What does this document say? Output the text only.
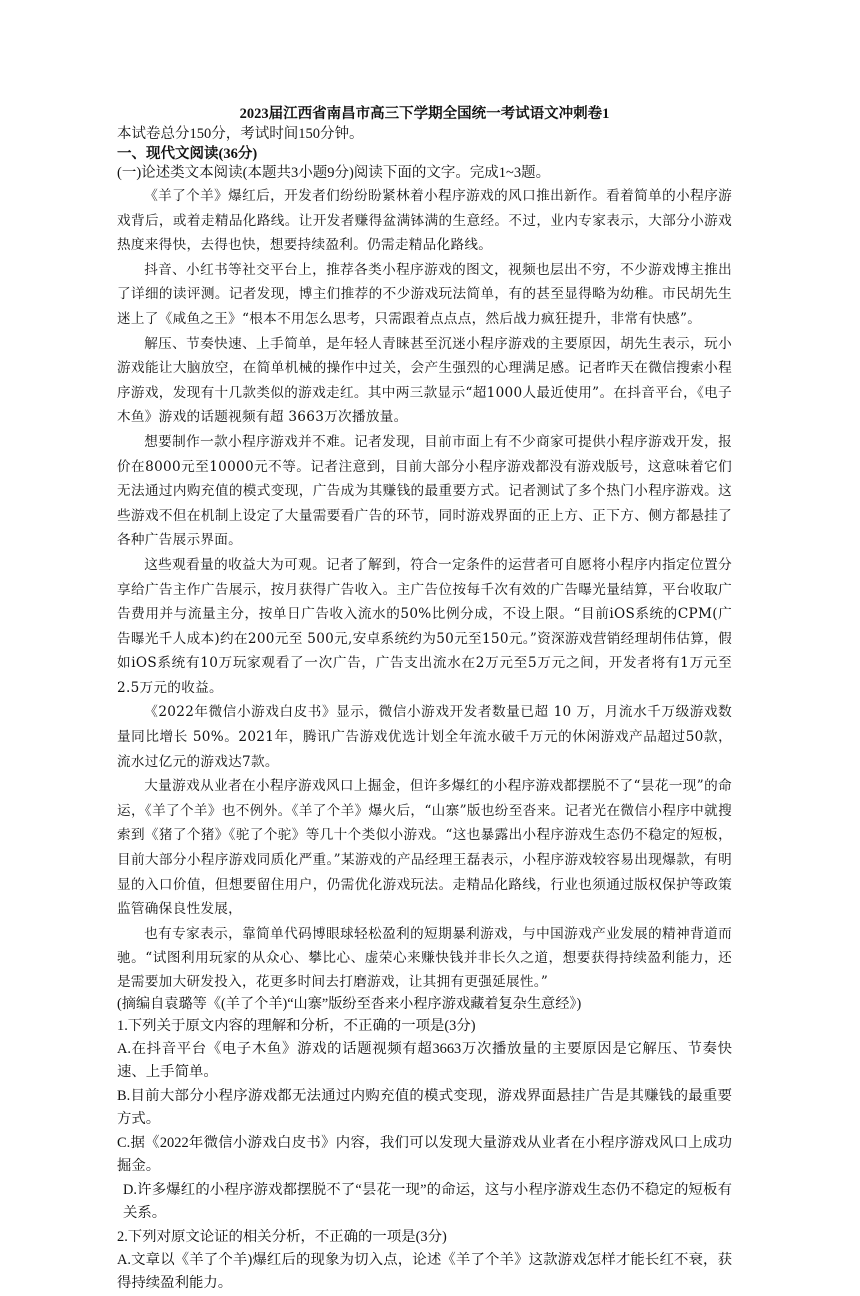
2023届江西省南昌市高三下学期全国统一考试语文冲刺卷1

本试卷总分150分，考试时间150分钟。

一、现代文阅读(36分)

(一)论述类文本阅读(本题共3小题9分)阅读下面的文字。完成1~3题。

《羊了个羊》爆红后，开发者们纷纷盼紧林着小程序游戏的风口推出新作。看着简单的小程序游戏背后，或着走精品化路线。让开发者赚得盆满钵满的生意经。不过，业内专家表示，大部分小游戏热度来得快，去得也快，想要持续盈利。仍需走精品化路线。

抖音、小红书等社交平台上，推荐各类小程序游戏的图文，视频也层出不穷，不少游戏博主推出了详细的读评测。记者发现，博主们推荐的不少游戏玩法简单，有的甚至显得略为幼稚。市民胡先生迷上了《咸鱼之王》“根本不用怎么思考，只需跟着点点点，然后战力疯狂提升，非常有快感”。

解压、节奏快速、上手简单，是年轻人青睐甚至沉迷小程序游戏的主要原因，胡先生表示，玩小游戏能让大脑放空，在简单机械的操作中过关，会产生强烈的心理满足感。记者昨天在微信搜索小程序游戏，发现有十几款类似的游戏走红。其中两三款显示“超1000人最近使用”。在抖音平台，《电子木鱼》游戏的话题视频有超 3663万次播放量。

想要制作一款小程序游戏并不难。记者发现，目前市面上有不少商家可提供小程序游戏开发，报价在8000元至10000元不等。记者注意到，目前大部分小程序游戏都没有游戏版号，这意味着它们无法通过内购充值的模式变现，广告成为其赚钱的最重要方式。记者测试了多个热门小程序游戏。这些游戏不但在机制上设定了大量需要看广告的环节，同时游戏界面的正上方、正下方、侧方都悬挂了各种广告展示界面。

这些观看量的收益大为可观。记者了解到，符合一定条件的运营者可自愿将小程序内指定位置分享给广告主作广告展示，按月获得广告收入。主广告位按每千次有效的广告曝光量结算，平台收取广告费用并与流量主分，按单日广告收入流水的50%比例分成，不设上限。“目前iOS系统的CPM(广告曝光千人成本)约在200元至 500元,安卓系统约为50元至150元。”资深游戏营销经理胡伟估算，假如iOS系统有10万玩家观看了一次广告，广告支出流水在2万元至5万元之间，开发者将有1万元至2.5万元的收益。

《2022年微信小游戏白皮书》显示，微信小游戏开发者数量已超 10 万，月流水千万级游戏数量同比增长 50%。2021年，腾讯广告游戏优选计划全年流水破千万元的休闲游戏产品超过50款，流水过亿元的游戏达7款。

大量游戏从业者在小程序游戏风口上掘金，但许多爆红的小程序游戏都摆脱不了“昙花一现”的命运，《羊了个羊》也不例外。《羊了个羊》爆火后，“山寨”版也纷至沓来。记者光在微信小程序中就搜索到《猪了个猪》《驼了个驼》等几十个类似小游戏。“这也暴露出小程序游戏生态仍不稳定的短板，目前大部分小程序游戏同质化严重。”某游戏的产品经理王磊表示，小程序游戏较容易出现爆款，有明显的入口价值，但想要留住用户，仍需优化游戏玩法。走精品化路线，行业也须通过版权保护等政策监管确保良性发展，

也有专家表示，靠简单代码博眼球轻松盈利的短期暴利游戏，与中国游戏产业发展的精神背道而驰。“试图利用玩家的从众心、攀比心、虚荣心来赚快钱并非长久之道，想要获得持续盈利能力，还是需要加大研发投入，花更多时间去打磨游戏，让其拥有更强延展性。”

(摘编自袁璐等《(羊了个羊)“山寨”版纷至沓来小程序游戏藏着复杂生意经》)

1.下列关于原文内容的理解和分析，不正确的一项是(3分)

A.在抖音平台《电子木鱼》游戏的话题视频有超3663万次播放量的主要原因是它解压、节奏快速、上手简单。

B.目前大部分小程序游戏都无法通过内购充值的模式变现，游戏界面悬挂广告是其赚钱的最重要方式。

C.据《2022年微信小游戏白皮书》内容，我们可以发现大量游戏从业者在小程序游戏风口上成功掘金。

D.许多爆红的小程序游戏都摆脱不了“昙花一现”的命运，这与小程序游戏生态仍不稳定的短板有关系。

2.下列对原文论证的相关分析，不正确的一项是(3分)

A.文章以《羊了个羊)爆红后的现象为切入点，论述《羊了个羊》这款游戏怎样才能长红不衰，获得持续盈利能力。
